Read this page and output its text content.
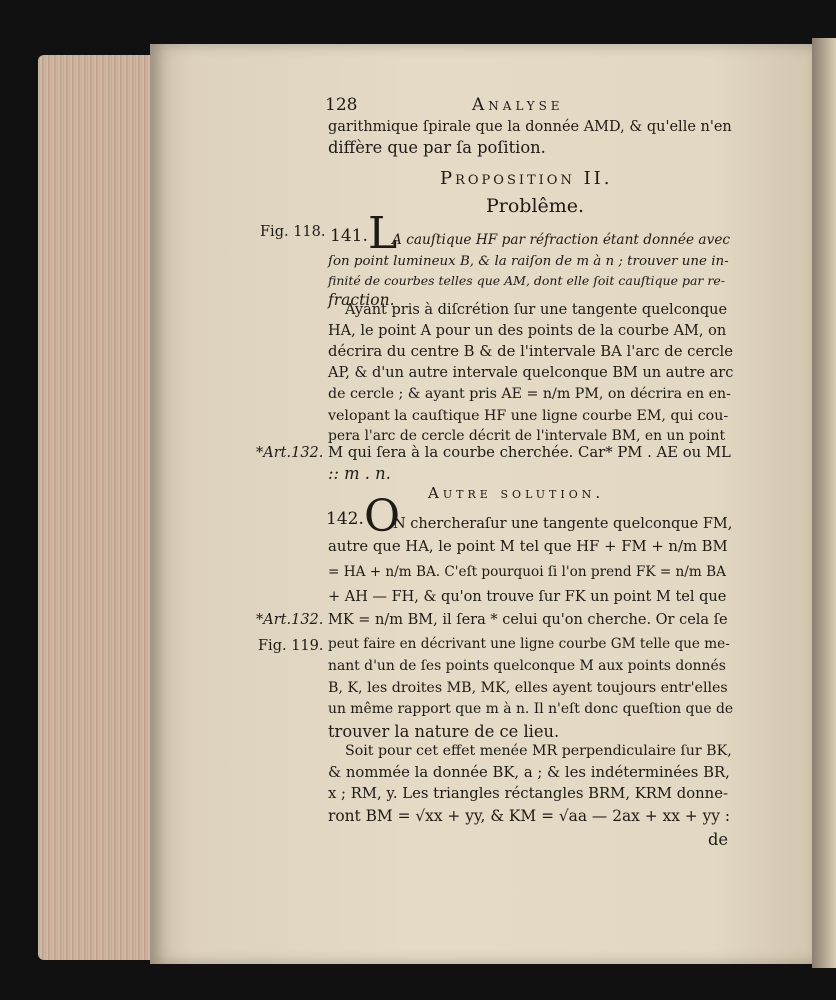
128	Analyse
garithmique ſpirale que la donnée AMD, & qu'elle n'en
diffère que par ſa poſition.
Proposition II.
Problême.
Fig. 118. 141. L
A cauſtique HF par réfraction étant donnée avec
ſon point lumineux B, & la raiſon de m à n ; trouver une in-
finité de courbes telles que AM, dont elle ſoit cauſtique par re-
fraction.
Ayant pris à diſcrétion ſur une tangente quelconque
HA, le point A pour un des points de la courbe AM, on
décrira du centre B & de l'intervale BA l'arc de cercle
AP, & d'un autre intervale quelconque BM un autre arc
de cercle ; & ayant pris AE = n/m PM, on décrira en en-
velopant la cauſtique HF une ligne courbe EM, qui cou-
pera l'arc de cercle décrit de l'intervale BM, en un point
*Art.132. M qui ſera à la courbe cherchée. Car* PM . AE ou ML
:: m . n.
Autre solution.
142. O
N chercheraſur une tangente quelconque FM,
autre que HA, le point M tel que HF + FM + n/m BM
= HA + n/m BA. C'eſt pourquoi ſi l'on prend FK = n/m BA
+ AH — FH, & qu'on trouve ſur FK un point M tel que
*Art.132. MK = n/m BM, il ſera * celui qu'on cherche. Or cela ſe
Fig. 119. peut faire en décrivant une ligne courbe GM telle que me-
nant d'un de ſes points quelconque M aux points donnés
B, K, les droites MB, MK, elles ayent toujours entr'elles
un même rapport que m à n. Il n'eſt donc queſtion que de
trouver la nature de ce lieu.
Soit pour cet effet menée MR perpendiculaire ſur BK,
& nommée la donnée BK, a ; & les indéterminées BR,
x ; RM, y. Les triangles réctangles BRM, KRM donne-
ront BM = √xx + yy, & KM = √aa — 2ax + xx + yy :
de
